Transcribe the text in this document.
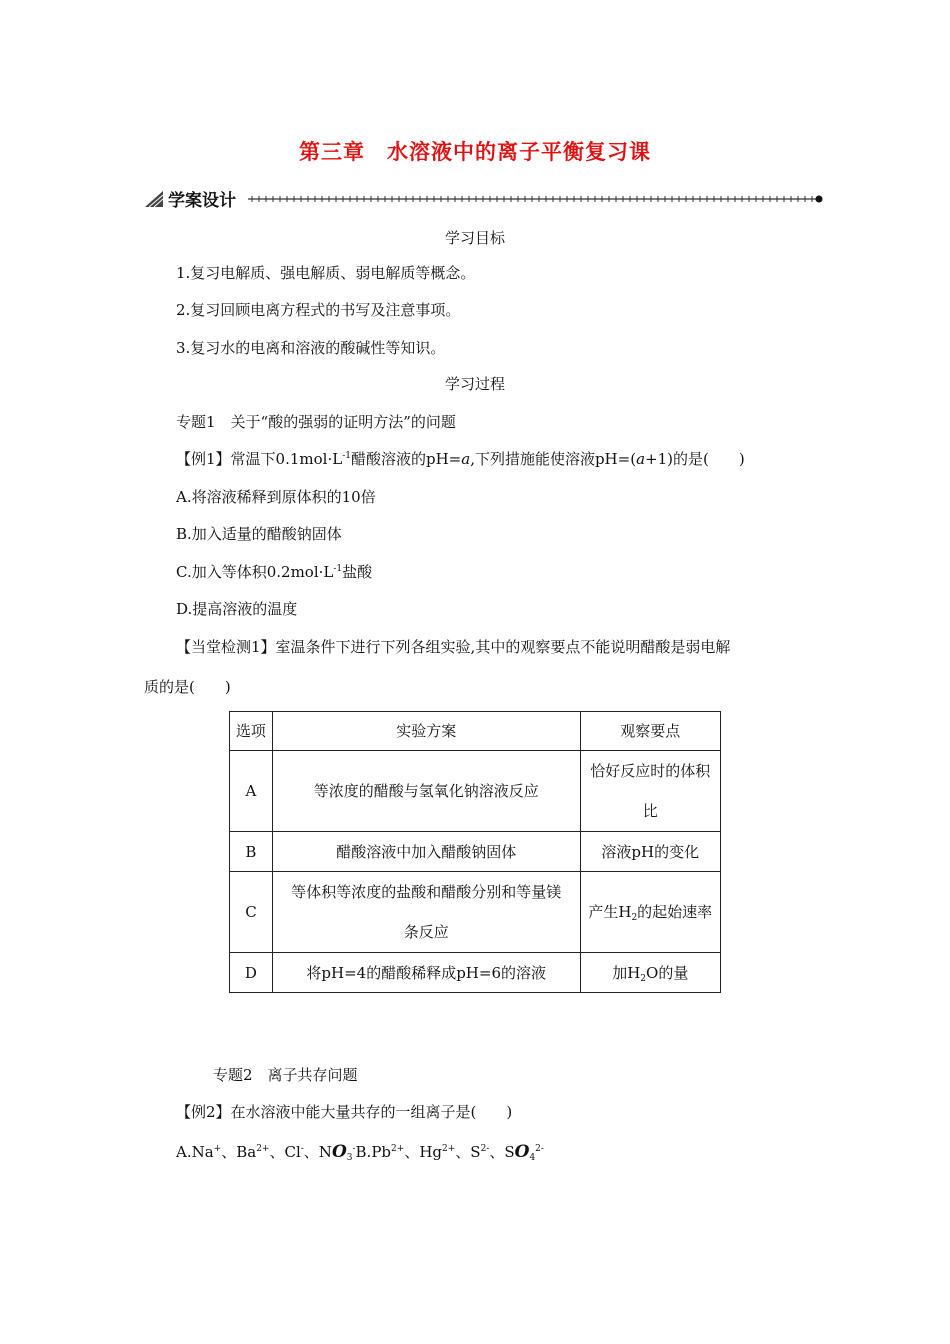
第三章　水溶液中的离子平衡复习课
学案设计
学习目标
1.复习电解质、强电解质、弱电解质等概念。
2.复习回顾电离方程式的书写及注意事项。
3.复习水的电离和溶液的酸碱性等知识。
学习过程
专题1　关于“酸的强弱的证明方法”的问题
【例1】常温下$0.1mol\cdot L^{-1}$醋酸溶液的pH=a,下列措施能使溶液pH=(a+1)的是(　　)
A.将溶液稀释到原体积的10倍
B.加入适量的醋酸钠固体
C.加入等体积$0.2mol\cdot L^{-1}$盐酸
D.提高溶液的温度
【当堂检测1】室温条件下进行下列各组实验,其中的观察要点不能说明醋酸是弱电解
质的是(　　)
选项	实验方案	观察要点
A	等浓度的醋酸与氢氧化钠溶液反应	恰好反应时的体积
比

B	醋酸溶液中加入醋酸钠固体	溶液pH的变化
C	等体积等浓度的盐酸和醋酸分别和等量镁
条反应	产生$H_2$的起始速率
D	将pH=4的醋酸稀释成pH=6的溶液	加$H_2O$的量
专题2　离子共存问题
【例2】在水溶液中能大量共存的一组离子是(　　)
A.Na+、$Ba^{2+}$、Cl-、$NO_3^-B.Pb^{2+}$、$Hg^{2+}$、$S^{2-}$、$SO_4^{2-}$
